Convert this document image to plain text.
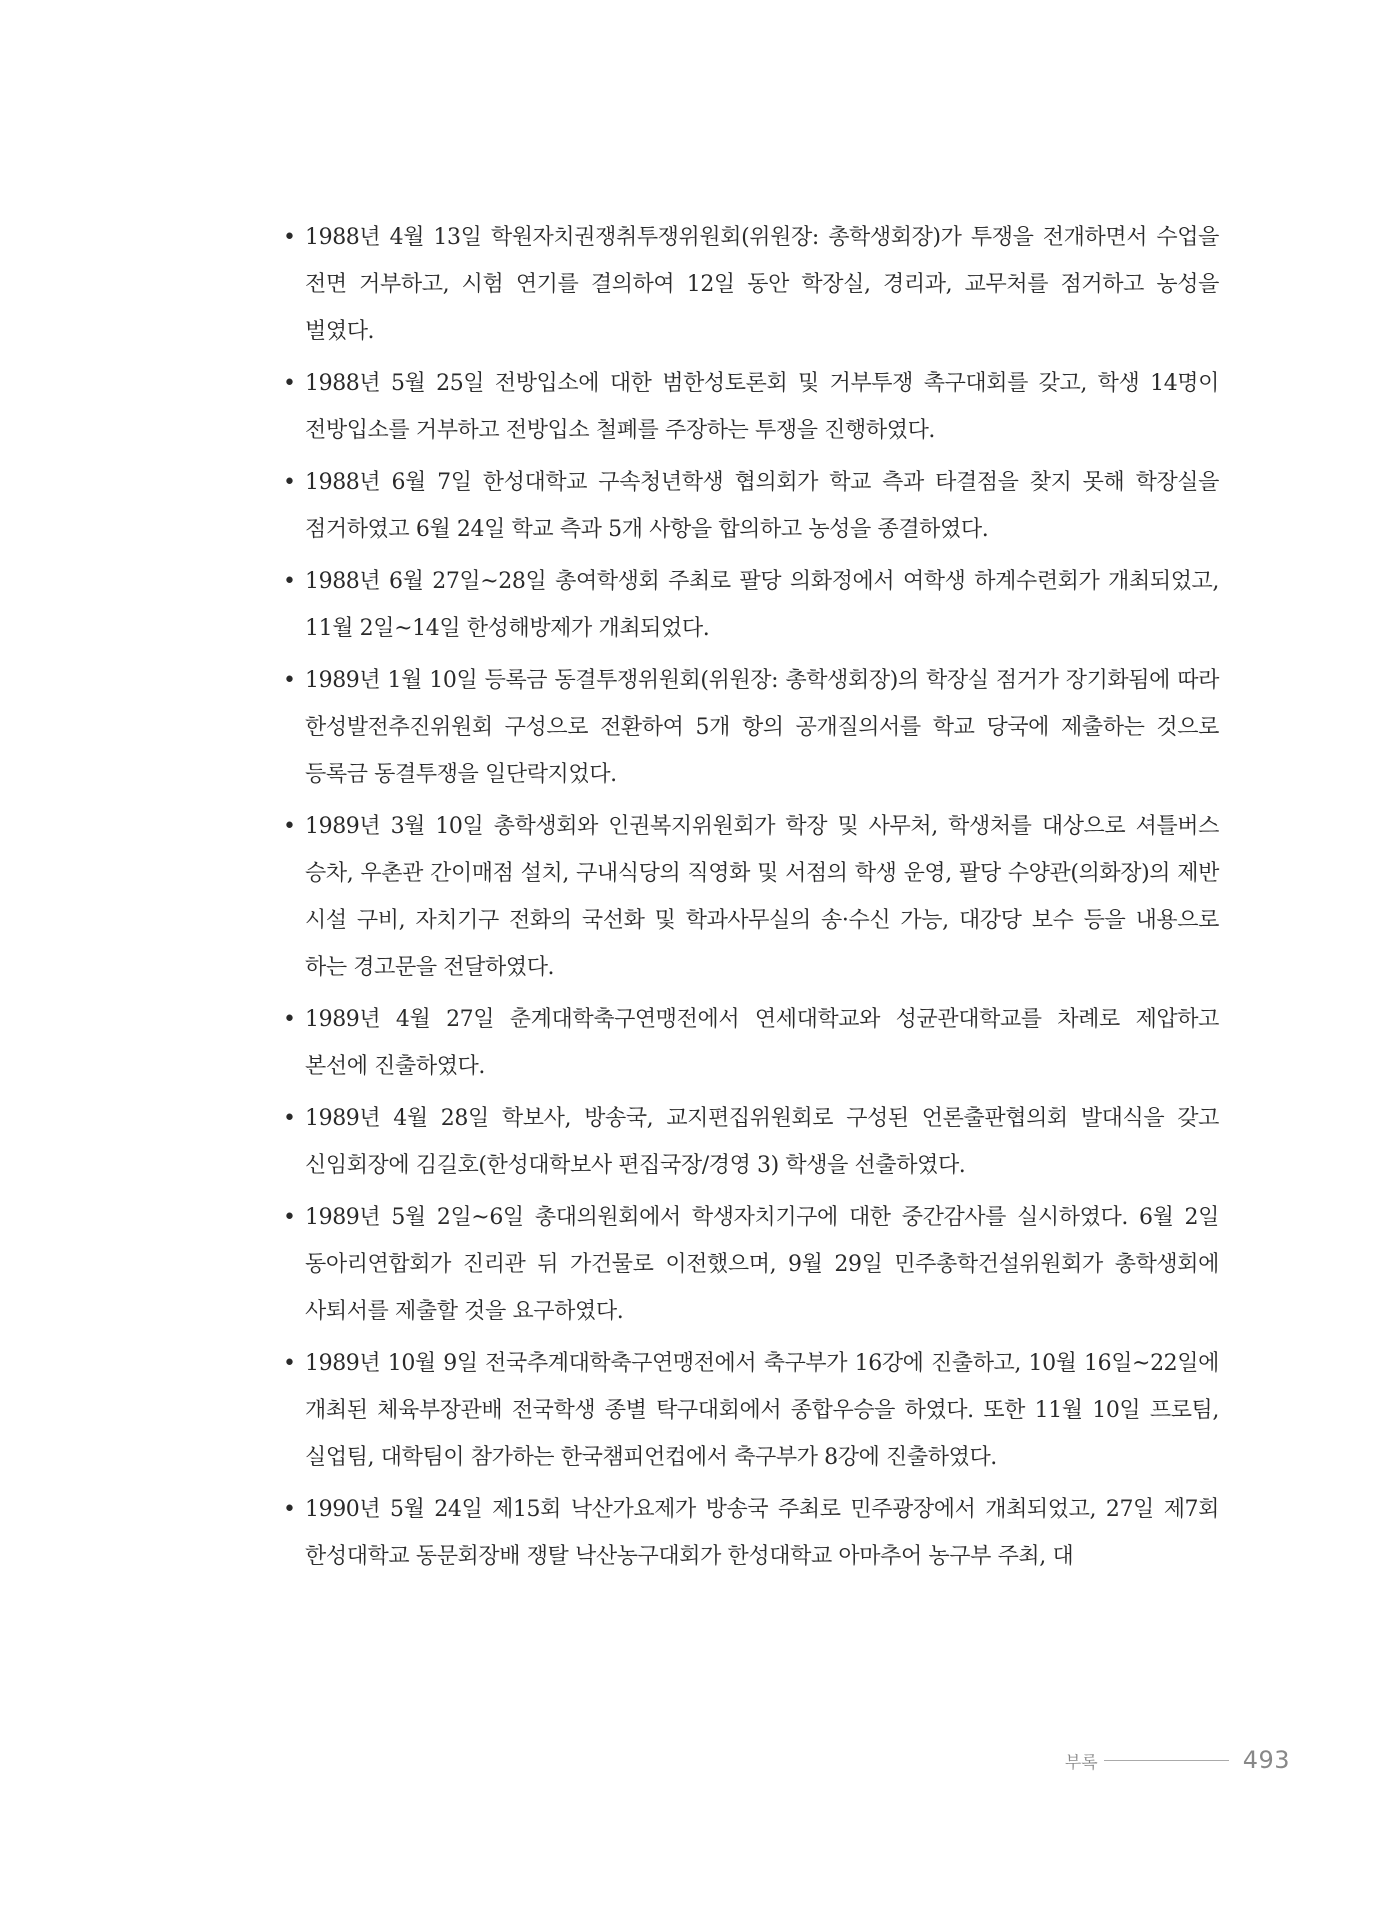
• 1988년 4월 13일 학원자치권쟁취투쟁위원회(위원장: 총학생회장)가 투쟁을 전개하면서 수업을 전면 거부하고, 시험 연기를 결의하여 12일 동안 학장실, 경리과, 교무처를 점거하고 농성을 벌였다.
• 1988년 5월 25일 전방입소에 대한 범한성토론회 및 거부투쟁 촉구대회를 갖고, 학생 14명이 전방입소를 거부하고 전방입소 철폐를 주장하는 투쟁을 진행하였다.
• 1988년 6월 7일 한성대학교 구속청년학생 협의회가 학교 측과 타결점을 찾지 못해 학장실을 점거하였고 6월 24일 학교 측과 5개 사항을 합의하고 농성을 종결하였다.
• 1988년 6월 27일~28일 총여학생회 주최로 팔당 의화정에서 여학생 하계수련회가 개최되었고, 11월 2일~14일 한성해방제가 개최되었다.
• 1989년 1월 10일 등록금 동결투쟁위원회(위원장: 총학생회장)의 학장실 점거가 장기화됨에 따라 한성발전추진위원회 구성으로 전환하여 5개 항의 공개질의서를 학교 당국에 제출하는 것으로 등록금 동결투쟁을 일단락지었다.
• 1989년 3월 10일 총학생회와 인권복지위원회가 학장 및 사무처, 학생처를 대상으로 셔틀버스 승차, 우촌관 간이매점 설치, 구내식당의 직영화 및 서점의 학생 운영, 팔당 수양관(의화장)의 제반 시설 구비, 자치기구 전화의 국선화 및 학과사무실의 송·수신 가능, 대강당 보수 등을 내용으로 하는 경고문을 전달하였다.
• 1989년 4월 27일 춘계대학축구연맹전에서 연세대학교와 성균관대학교를 차례로 제압하고 본선에 진출하였다.
• 1989년 4월 28일 학보사, 방송국, 교지편집위원회로 구성된 언론출판협의회 발대식을 갖고 신임회장에 김길호(한성대학보사 편집국장/경영 3) 학생을 선출하였다.
• 1989년 5월 2일~6일 총대의원회에서 학생자치기구에 대한 중간감사를 실시하였다. 6월 2일 동아리연합회가 진리관 뒤 가건물로 이전했으며, 9월 29일 민주총학건설위원회가 총학생회에 사퇴서를 제출할 것을 요구하였다.
• 1989년 10월 9일 전국추계대학축구연맹전에서 축구부가 16강에 진출하고, 10월 16일~22일에 개최된 체육부장관배 전국학생 종별 탁구대회에서 종합우승을 하였다. 또한 11월 10일 프로팀, 실업팀, 대학팀이 참가하는 한국챔피언컵에서 축구부가 8강에 진출하였다.
• 1990년 5월 24일 제15회 낙산가요제가 방송국 주최로 민주광장에서 개최되었고, 27일 제7회 한성대학교 동문회장배 쟁탈 낙산농구대회가 한성대학교 아마추어 농구부 주최, 대
부록	493
